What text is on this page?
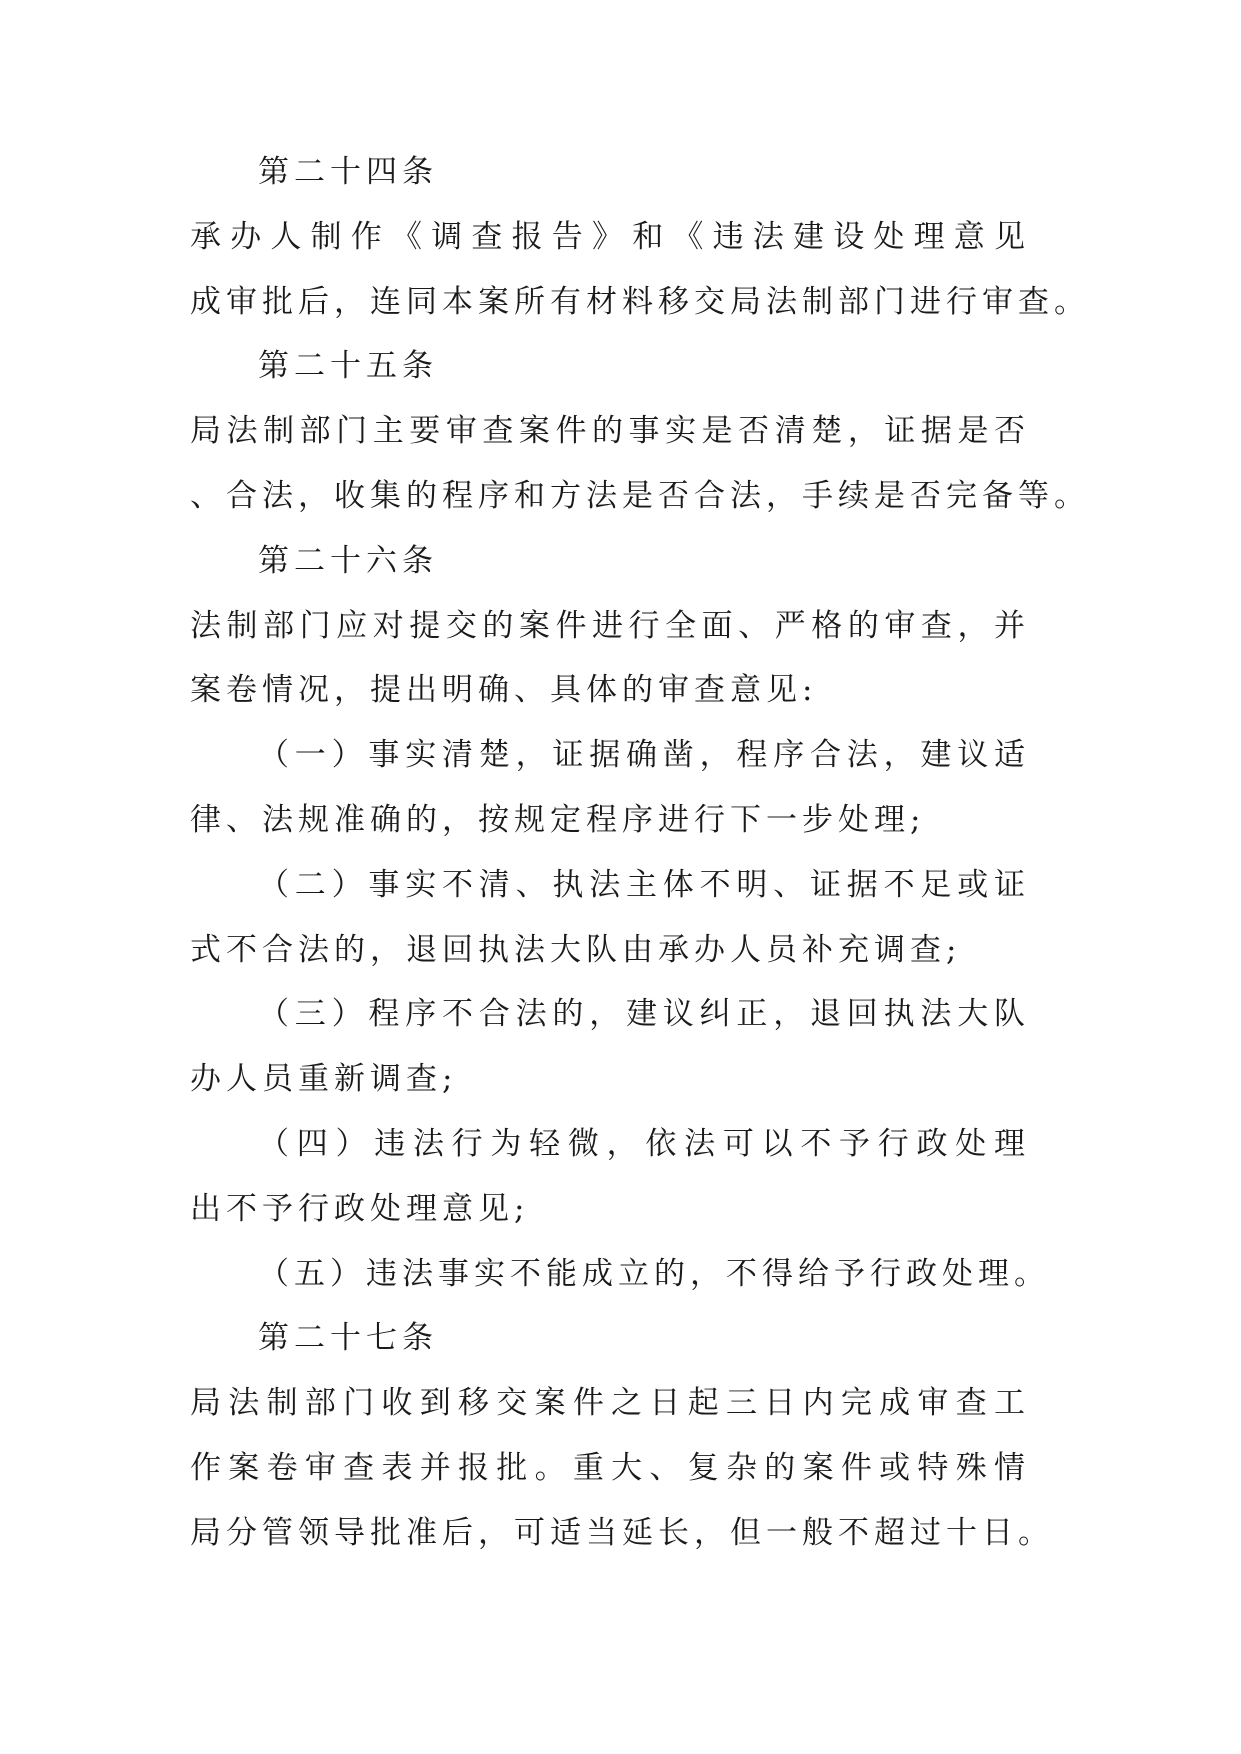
第二十四条
承办人制作《调查报告》和《违法建设处理意见
成审批后，连同本案所有材料移交局法制部门进行审查。
第二十五条
局法制部门主要审查案件的事实是否清楚，证据是否
、合法，收集的程序和方法是否合法，手续是否完备等。
第二十六条
法制部门应对提交的案件进行全面、严格的审查，并
案卷情况，提出明确、具体的审查意见:
（一）事实清楚，证据确凿，程序合法，建议适
律、法规准确的，按规定程序进行下一步处理;
（二）事实不清、执法主体不明、证据不足或证
式不合法的，退回执法大队由承办人员补充调查;
（三）程序不合法的，建议纠正，退回执法大队
办人员重新调查;
（四）违法行为轻微，依法可以不予行政处理
出不予行政处理意见;
（五）违法事实不能成立的，不得给予行政处理。
第二十七条
局法制部门收到移交案件之日起三日内完成审查工
作案卷审查表并报批。重大、复杂的案件或特殊情
局分管领导批准后，可适当延长，但一般不超过十日。
